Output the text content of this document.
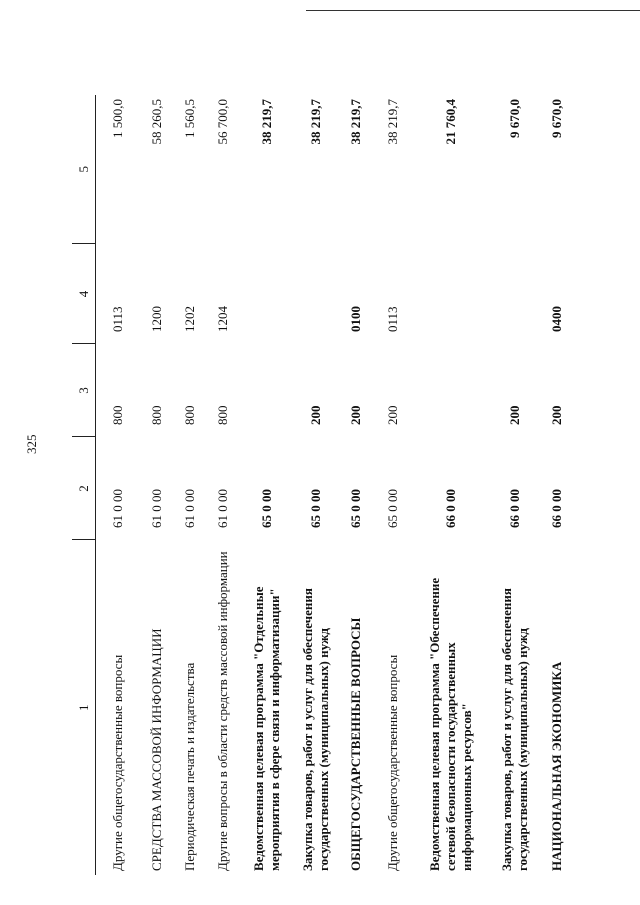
325
1	2	3	4	5
Другие общегосударственные вопросы	61 0 00	800	0113	1 500,0
СРЕДСТВА МАССОВОЙ ИНФОРМАЦИИ	61 0 00	800	1200	58 260,5
Периодическая печать и издательства	61 0 00	800	1202	1 560,5
Другие вопросы в области средств массовой информации	61 0 00	800	1204	56 700,0
Ведомственная целевая программа "Отдельные мероприятия в сфере связи и информатизации"	65 0 00			38 219,7
Закупка товаров, работ и услуг для обеспечения государственных (муниципальных) нужд	65 0 00	200		38 219,7
ОБЩЕГОСУДАРСТВЕННЫЕ ВОПРОСЫ	65 0 00	200	0100	38 219,7
Другие общегосударственные вопросы	65 0 00	200	0113	38 219,7
Ведомственная целевая программа "Обеспечение сетевой безопасности государственных информационных ресурсов"	66 0 00			21 760,4
Закупка товаров, работ и услуг для обеспечения государственных (муниципальных) нужд	66 0 00	200		9 670,0
НАЦИОНАЛЬНАЯ ЭКОНОМИКА	66 0 00	200	0400	9 670,0
